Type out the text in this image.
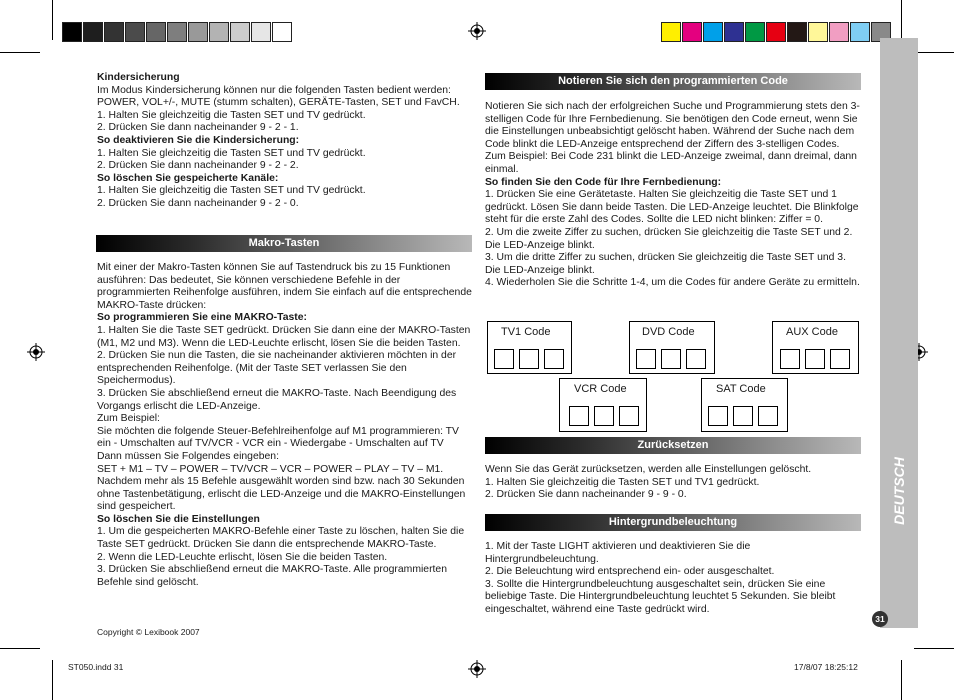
DEUTSCH
31

Kindersicherung

Im Modus Kindersicherung können nur die folgenden Tasten bedient werden: POWER, VOL+/-, MUTE (stumm schalten), GERÄTE-Tasten, SET und FavCH.

1. Halten Sie gleichzeitig die Tasten SET und TV gedrückt.

2. Drücken Sie dann nacheinander 9 - 2 - 1.

So deaktivieren Sie die Kindersicherung:

1. Halten Sie gleichzeitig die Tasten SET und TV gedrückt.

2. Drücken Sie dann nacheinander 9 - 2 - 2.

So löschen Sie gespeicherte Kanäle:

1. Halten Sie gleichzeitig die Tasten SET und TV gedrückt.

2. Drücken Sie dann nacheinander 9 - 2 - 0.

Makro-Tasten

Mit einer der Makro-Tasten können Sie auf Tastendruck bis zu 15 Funktionen ausführen: Das bedeutet, Sie können verschiedene Befehle in der programmierten Reihenfolge ausführen, indem Sie einfach auf die entsprechende MAKRO-Taste drücken:

So programmieren Sie eine MAKRO-Taste:

1. Halten Sie die Taste SET gedrückt. Drücken Sie dann eine der MAKRO-Tasten (M1, M2 und M3). Wenn die LED-Leuchte erlischt, lösen Sie die beiden Tasten.

2. Drücken Sie nun die Tasten, die sie nacheinander aktivieren möchten in der entsprechenden Reihenfolge. (Mit der Taste SET verlassen Sie den Speichermodus).

3. Drücken Sie abschließend erneut die MAKRO-Taste. Nach Beendigung des Vorgangs erlischt die LED-Anzeige.

Zum Beispiel:

Sie möchten die folgende Steuer-Befehlreihenfolge auf M1 programmieren: TV ein - Umschalten auf TV/VCR - VCR ein - Wiedergabe - Umschalten auf TV

Dann müssen Sie Folgendes eingeben:

SET + M1 – TV – POWER – TV/VCR – VCR – POWER – PLAY – TV – M1.

Nachdem mehr als 15 Befehle ausgewählt worden sind bzw. nach 30 Sekunden ohne Tastenbetätigung, erlischt die LED-Anzeige und die MAKRO-Einstellungen sind gespeichert.

So löschen Sie die Einstellungen

1. Um die gespeicherten MAKRO-Befehle einer Taste zu löschen, halten Sie die Taste SET gedrückt. Drücken Sie dann die entsprechende MAKRO-Taste.

2. Wenn die LED-Leuchte erlischt, lösen Sie die beiden Tasten.

3. Drücken Sie abschließend erneut die MAKRO-Taste. Alle programmierten Befehle sind gelöscht.

Copyright © Lexibook 2007
Notieren Sie sich den programmierten Code

Notieren Sie sich nach der erfolgreichen Suche und Programmierung stets den 3-stelligen Code für Ihre Fernbedienung. Sie benötigen den Code erneut, wenn Sie die Einstellungen unbeabsichtigt gelöscht haben. Während der Suche nach dem Code blinkt die LED-Anzeige entsprechend der Ziffern des 3-stelligen Codes. Zum Beispiel: Bei Code 231 blinkt die LED-Anzeige zweimal, dann dreimal, dann einmal.

So finden Sie den Code für Ihre Fernbedienung:

1. Drücken Sie eine Gerätetaste. Halten Sie gleichzeitig die Taste SET und 1 gedrückt. Lösen Sie dann beide Tasten. Die LED-Anzeige leuchtet. Die Blinkfolge steht für die erste Zahl des Codes. Sollte die LED nicht blinken: Ziffer = 0.

2. Um die zweite Ziffer zu suchen, drücken Sie gleichzeitig die Taste SET und 2. Die LED-Anzeige blinkt.

3. Um die dritte Ziffer zu suchen, drücken Sie gleichzeitig die Taste SET und 3. Die LED-Anzeige blinkt.

4. Wiederholen Sie die Schritte 1-4, um die Codes für andere Geräte zu ermitteln.

TV1 Code	DVD Code	AUX Code
VCR Code	SAT Code
Zurücksetzen

Wenn Sie das Gerät zurücksetzen, werden alle Einstellungen gelöscht.

1. Halten Sie gleichzeitig die Tasten SET und TV1 gedrückt.

2. Drücken Sie dann nacheinander 9 - 9 - 0.

Hintergrundbeleuchtung

1. Mit der Taste LIGHT aktivieren und deaktivieren Sie die Hintergrundbeleuchtung.

2. Die Beleuchtung wird entsprechend ein- oder ausgeschaltet.

3. Sollte die Hintergrundbeleuchtung ausgeschaltet sein, drücken Sie eine beliebige Taste. Die Hintergrundbeleuchtung leuchtet 5 Sekunden. Sie bleibt eingeschaltet, während eine Taste gedrückt wird.

ST050.indd 31	17/8/07 18:25:12
